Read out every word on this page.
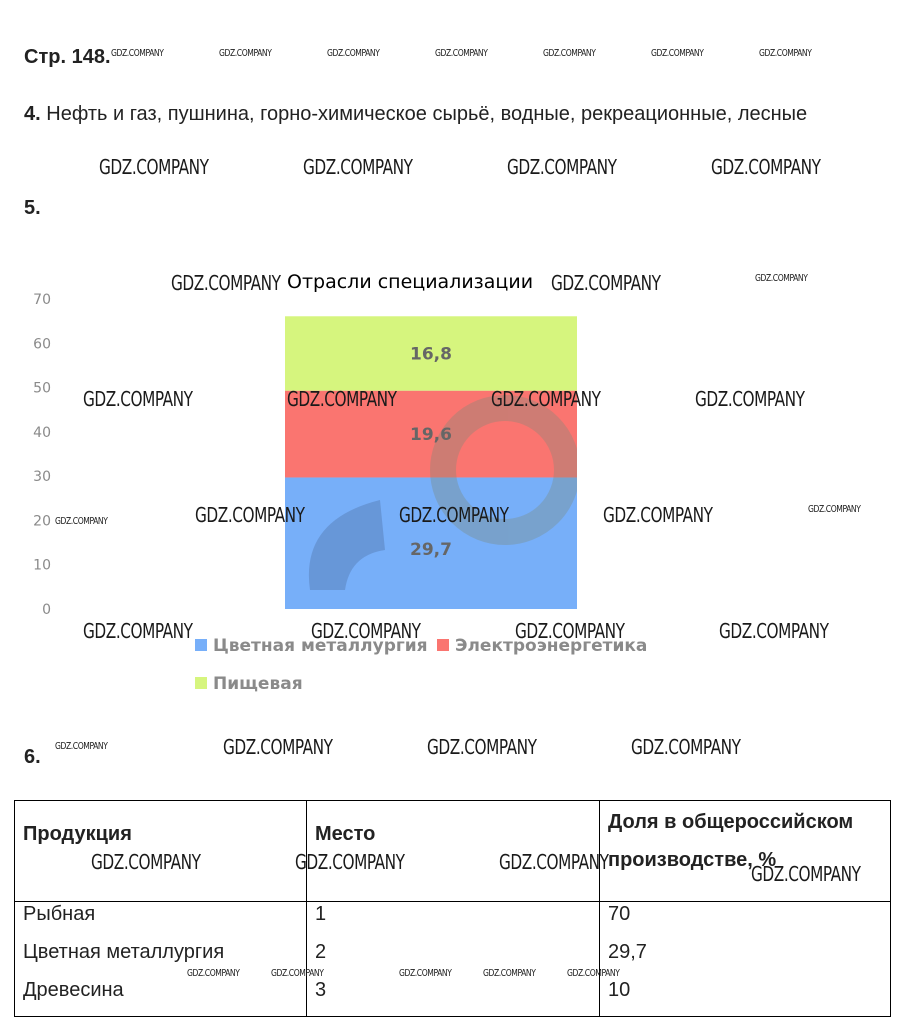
Стр. 148.
4. Нефть и газ, пушнина, горно-химическое сырьё, водные, рекреационные, лесные
5.
Отрасли специализации
0
10
20
30
40
50
60
70
29,7
19,6
16,8
Цветная металлургия Электроэнергетика
Пищевая
6.
Продукция	Место	Доля в общероссийском производстве, %
Рыбная	1	70
Цветная металлургия	2	29,7
Древесина	3	10
GDZ.COMPANY	GDZ.COMPANY	GDZ.COMPANY	GDZ.COMPANY	GDZ.COMPANY	GDZ.COMPANY	GDZ.COMPANY
GDZ.COMPANY	GDZ.COMPANY	GDZ.COMPANY	GDZ.COMPANY
GDZ.COMPANY	GDZ.COMPANY	GDZ.COMPANY
GDZ.COMPANY	GDZ.COMPANY	GDZ.COMPANY	GDZ.COMPANY
GDZ.COMPANY	GDZ.COMPANY	GDZ.COMPANY	GDZ.COMPANY	GDZ.COMPANY
GDZ.COMPANY	GDZ.COMPANY	GDZ.COMPANY	GDZ.COMPANY
GDZ.COMPANY	GDZ.COMPANY	GDZ.COMPANY	GDZ.COMPANY
GDZ.COMPANY	GDZ.COMPANY	GDZ.COMPANY	GDZ.COMPANY
GDZ.COMPANY	GDZ.COMPANY	GDZ.COMPANY	GDZ.COMPANY	GDZ.COMPANY
